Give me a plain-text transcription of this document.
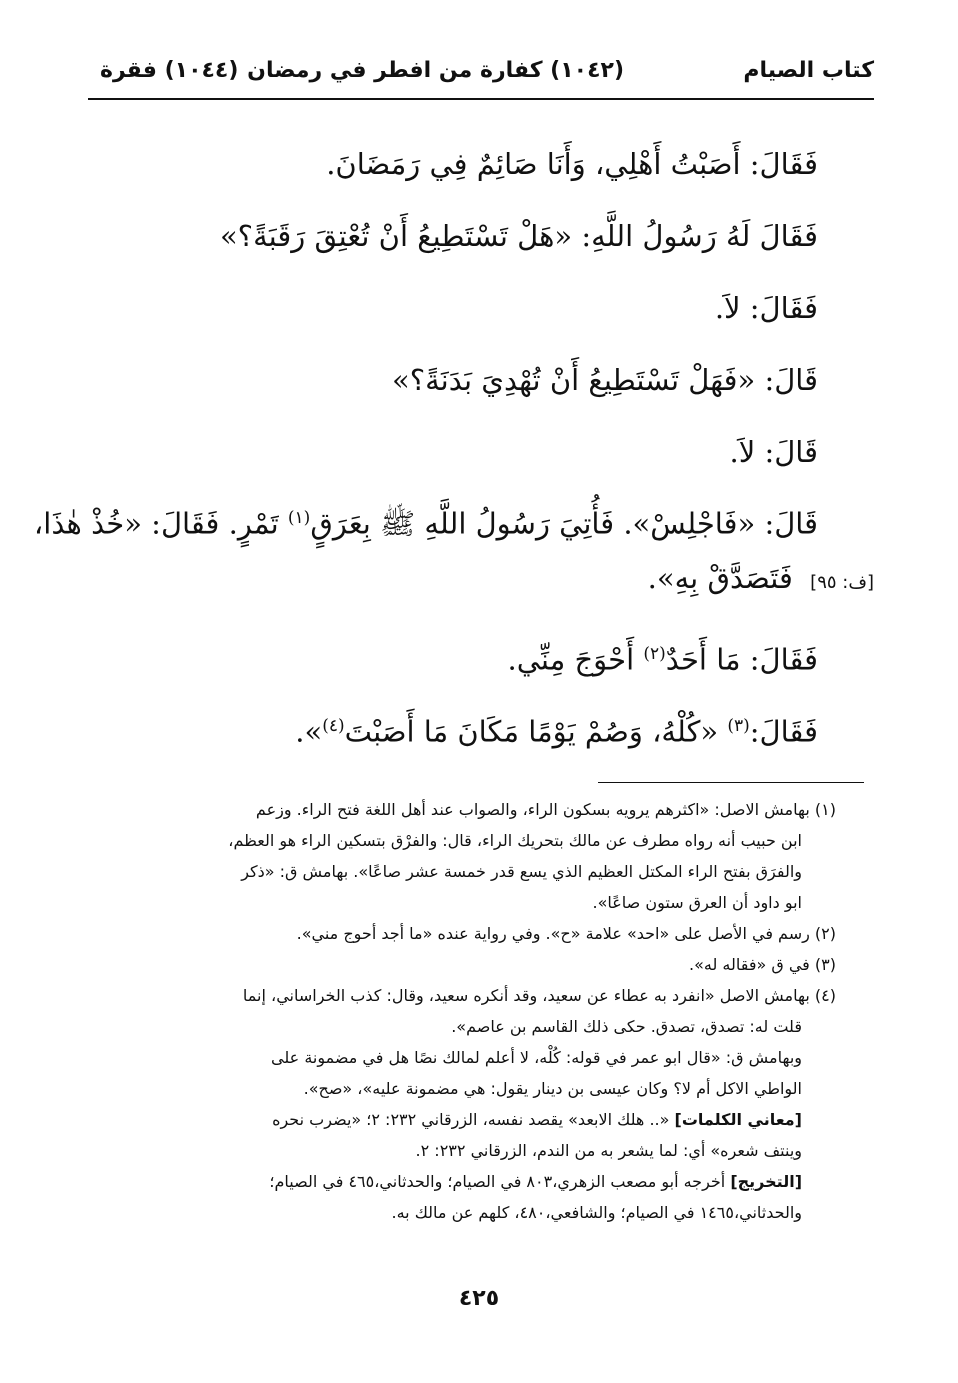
كتاب الصيام
(١٠٤٢) كفارة من افطر في رمضان
(١٠٤٤) فقرة
فَقَالَ: أَصَبْتُ أَهْلِي، وَأَنَا صَائِمٌ فِي رَمَضَانَ.
فَقَالَ لَهُ رَسُولُ اللَّهِ: «هَلْ تَسْتَطِيعُ أَنْ تُعْتِقَ رَقَبَةً؟»
فَقَالَ: لاَ.
قَالَ: «فَهَلْ تَسْتَطِيعُ أَنْ تُهْدِيَ بَدَنَةً؟»
قَالَ: لاَ.
قَالَ: «فَاجْلِسْ». فَأُتِيَ رَسُولُ اللَّهِ ﷺ بِعَرَقٍ$^{(١)}$ تَمْرٍ. فَقَالَ: «خُذْ هٰذَا،
[ف: ٩٥] فَتَصَدَّقْ بِهِ».
فَقَالَ: مَا أَحَدٌ$^{(٢)}$ أَحْوَجَ مِنِّي.
فَقَالَ:$^{(٣)}$ «كُلْهُ، وَصُمْ يَوْمًا مَكَانَ مَا أَصَبْتَ$^{(٤)}$».
(١) بهامش الاصل: «اكثرهم يرويه بسكون الراء، والصواب عند أهل اللغة فتح الراء. وزعم
ابن حبيب أنه رواه مطرف عن مالك بتحريك الراء، قال: والفرْق بتسكين الراء هو العظم،
والفرَق بفتح الراء المكتل العظيم الذي يسع قدر خمسة عشر صاعًا». بهامش ق: «ذكر
ابو داود أن العرق ستون صاعًا».
(٢) رسم في الأصل على «احد» علامة «ح». وفي رواية عنده «ما أجد أحوج مني».
(٣) في ق «فقاله له».
(٤) بهامش الاصل «انفرد به عطاء عن سعيد، وقد أنكره سعيد، وقال: كذب الخراساني، إنما
قلت له: تصدق، تصدق. حكى ذلك القاسم بن عاصم».
وبهامش ق: «قال ابو عمر في قوله: كُلْه، لا أعلم لمالك نصًا هل في مضمونة على
الواطي الاكل أم لا؟ وكان عيسى بن دينار يقول: هي مضمونة عليه»، «صح».
[معاني الكلمات] «.. هلك الابعد» يقصد نفسه، الزرقاني ٢٣٢: ٢؛ «يضرب نحره
وينتف شعره» أي: لما يشعر به من الندم، الزرقاني ٢٣٢: ٢.
[التخريج] أخرجه أبو مصعب الزهري،٨٠٣ في الصيام؛ والحدثاني،٤٦٥ في الصيام؛
والحدثاني،١٤٦٥ في الصيام؛ والشافعي،٤٨٠، كلهم عن مالك به.
٤٢٥
